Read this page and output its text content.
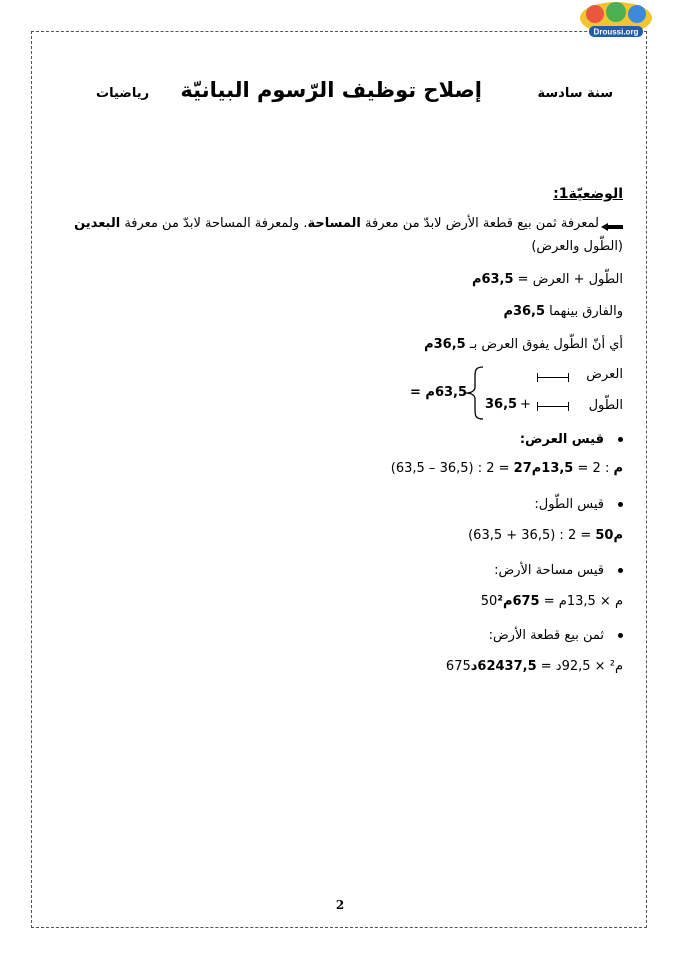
Droussi.org
سنة سادسة
إصلاح توظيف الرّسوم البيانيّة
رياضيات
الوضعيّة1:
لمعرفة ثمن بيع قطعة الأرض لابدّ من معرفة المساحة. ولمعرفة المساحة لابدّ من معرفة البعدين
(الطّول والعرض)
الطّول + العرض = 63,5م
والفارق بينهما 36,5م
أي أنّ الطّول يفوق العرض بـ 36,5م
العرض
الطّول
+
36,5
63,5م =
قيس العرض:
(63,5 – 36,5) : 2 = 27م : 2 = 13,5م
قيس الطّول:
(63,5 + 36,5) : 2 = 50م
قيس مساحة الأرض:
50م × 13,5م = 675م²
ثمن بيع قطعة الأرض:
675م² × 92,5د = 62437,5د
2
